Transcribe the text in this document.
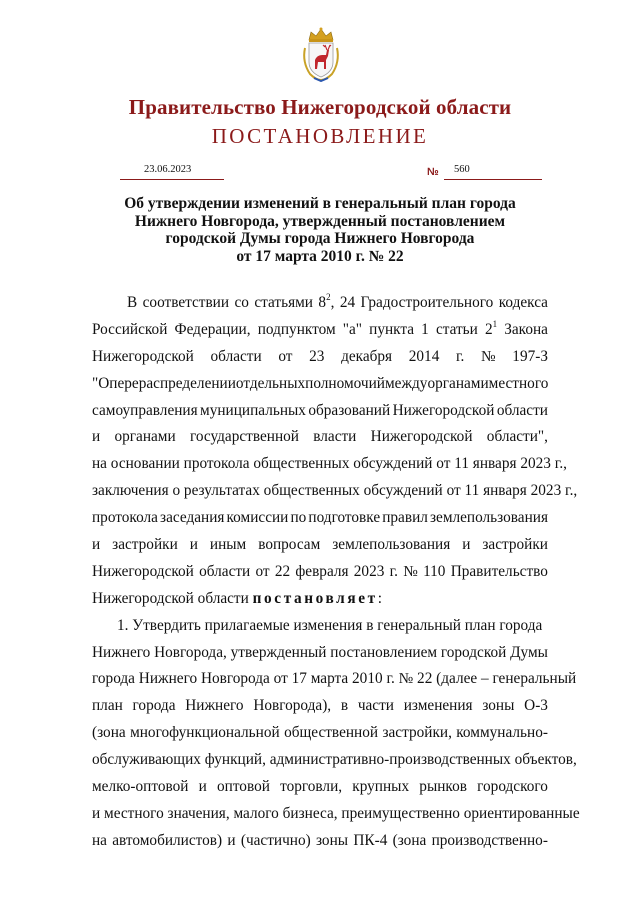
Правительство Нижегородской области
ПОСТАНОВЛЕНИЕ
23.06.2023	№	560
Об утверждении изменений в генеральный план города
Нижнего Новгорода, утвержденный постановлением
городской Думы города Нижнего Новгорода
от 17 марта 2010 г. № 22
В соответствии со статьями $8^2$, 24 Градостроительного кодекса
Российской Федерации, подпунктом "а" пункта 1 статьи $2^1$ Закона
Нижегородской области от 23 декабря 2014 г. № 197-З
"О перераспределении отдельных полномочий между органами местного
самоуправления муниципальных образований Нижегородской области
и органами государственной власти Нижегородской области",
на основании протокола общественных обсуждений от 11 января 2023 г.,
заключения о результатах общественных обсуждений от 11 января 2023 г.,
протокола заседания комиссии по подготовке правил землепользования
и застройки и иным вопросам землепользования и застройки
Нижегородской области от 22 февраля 2023 г. № 110 Правительство
Нижегородской области постановляет:
1. Утвердить прилагаемые изменения в генеральный план города
Нижнего Новгорода, утвержденный постановлением городской Думы
города Нижнего Новгорода от 17 марта 2010 г. № 22 (далее – генеральный
план города Нижнего Новгорода), в части изменения зоны О-3
(зона многофункциональной общественной застройки, коммунально-
обслуживающих функций, административно-производственных объектов,
мелко-оптовой и оптовой торговли, крупных рынков городского
и местного значения, малого бизнеса, преимущественно ориентированные
на автомобилистов) и (частично) зоны ПК-4 (зона производственно-
